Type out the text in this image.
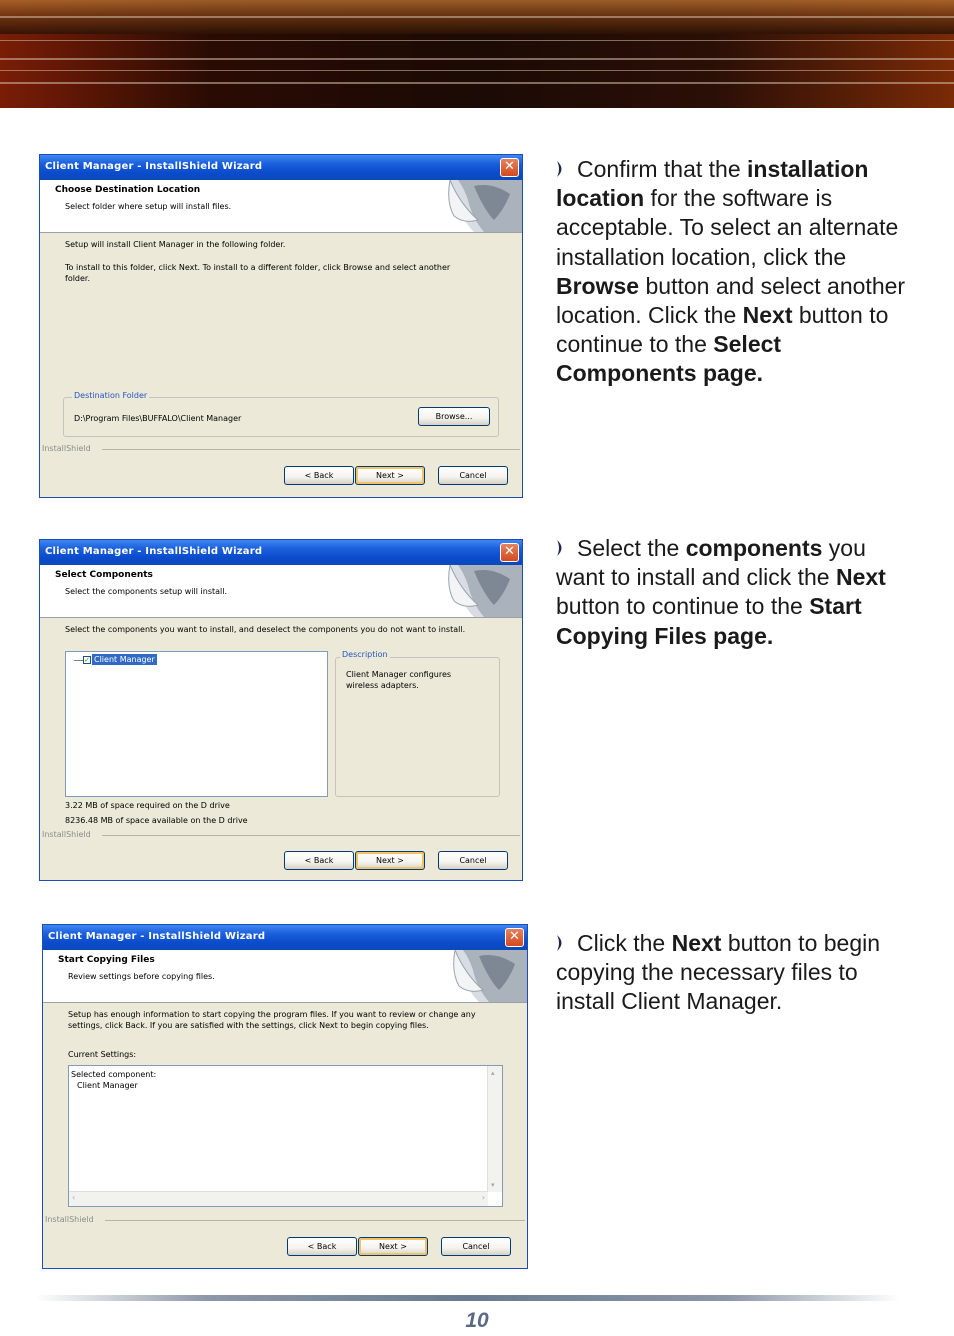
Client Manager - InstallShield Wizard	✕
Choose Destination Location
Select folder where setup will install files.
Setup will install Client Manager in the following folder.
To install to this folder, click Next. To install to a different folder, click Browse and select another
folder.
Destination Folder
D:\Program Files\BUFFALO\Client Manager	Browse...
InstallShield
< Back	Next >	Cancel
Client Manager - InstallShield Wizard	✕
Select Components
Select the components setup will install.
Select the components you want to install, and deselect the components you do not want to install.
✓ Client Manager
Description
Client Manager configures
wireless adapters.
3.22 MB of space required on the D drive
8236.48 MB of space available on the D drive
InstallShield
< Back	Next >	Cancel
Client Manager - InstallShield Wizard	✕
Start Copying Files
Review settings before copying files.
Setup has enough information to start copying the program files. If you want to review or change any
settings, click Back. If you are satisfied with the settings, click Next to begin copying files.
Current Settings:
Selected component:
Client Manager
▴
▾
‹	›
InstallShield
< Back	Next >	Cancel
Confirm that the installation location for the software is acceptable. To select an alternate installation location, click the Browse button and select another location. Click the Next button to continue to the Select Components page.
Select the components you want to install and click the Next button to continue to the Start Copying Files page.
Click the Next button to begin copying the necessary files to install Client Manager.
10
